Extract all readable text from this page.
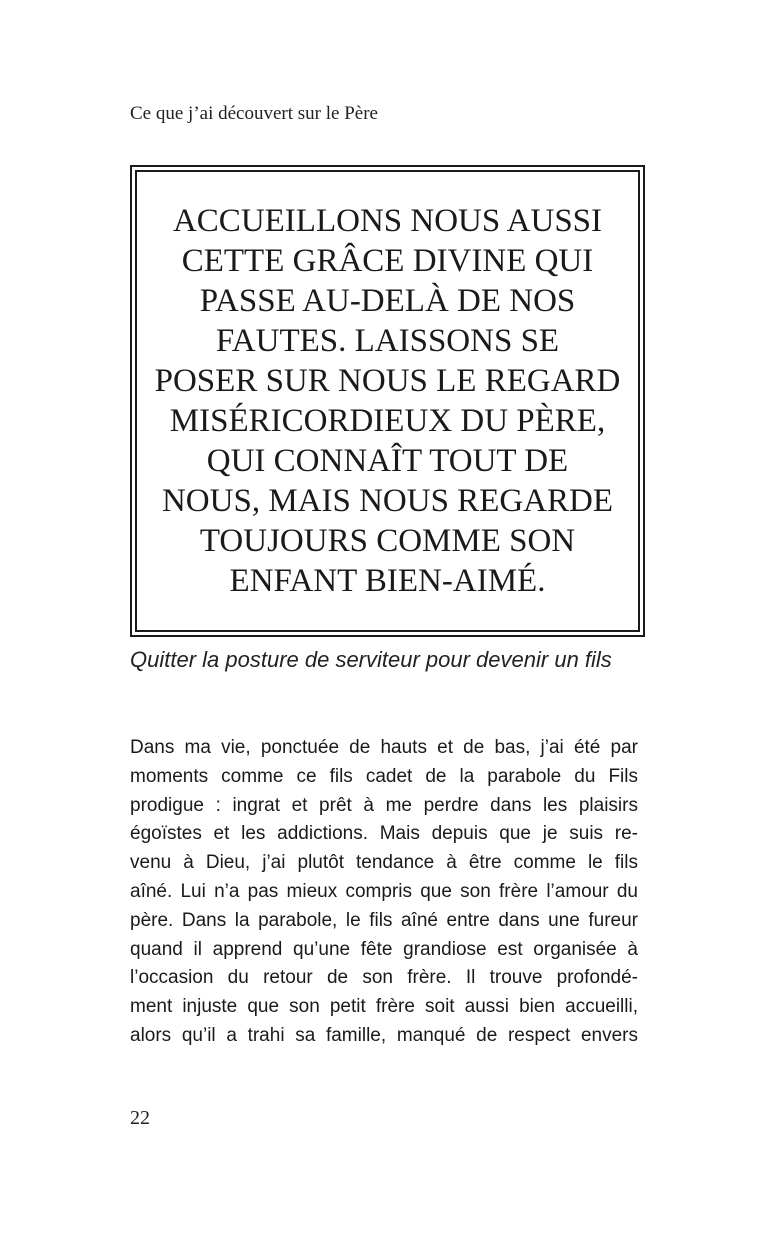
Ce que j’ai découvert sur le Père
ACCUEILLONS NOUS AUSSI
CETTE GRÂCE DIVINE QUI
PASSE AU-DELÀ DE NOS
FAUTES. LAISSONS SE
POSER SUR NOUS LE REGARD
MISÉRICORDIEUX DU PÈRE,
QUI CONNAÎT TOUT DE
NOUS, MAIS NOUS REGARDE
TOUJOURS COMME SON
ENFANT BIEN-AIMÉ.
Quitter la posture de serviteur pour devenir un fils
Dans ma vie, ponctuée de hauts et de bas, j’ai été par
moments comme ce fils cadet de la parabole du Fils
prodigue : ingrat et prêt à me perdre dans les plaisirs
égoïstes et les addictions. Mais depuis que je suis re-
venu à Dieu, j’ai plutôt tendance à être comme le fils
aîné. Lui n’a pas mieux compris que son frère l’amour du
père. Dans la parabole, le fils aîné entre dans une fureur
quand il apprend qu’une fête grandiose est organisée à
l’occasion du retour de son frère. Il trouve profondé-
ment injuste que son petit frère soit aussi bien accueilli,
alors qu’il a trahi sa famille, manqué de respect envers
22
